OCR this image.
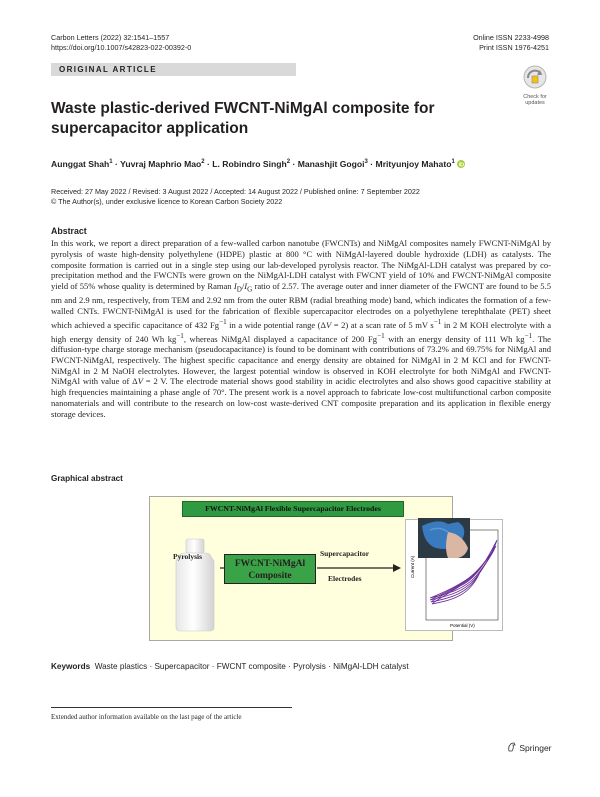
Carbon Letters (2022) 32:1541–1557
https://doi.org/10.1007/s42823-022-00392-0
Online ISSN 2233-4998
Print ISSN 1976-4251
ORIGINAL ARTICLE
Check for
updates
Waste plastic-derived FWCNT-NiMgAl composite for supercapacitor application
Aunggat Shah$^1$ · Yuvraj Maphrio Mao$^2$ · L. Robindro Singh$^2$ · Manashjit Gogoi$^3$ · Mrityunjoy Mahato$^1$
Received: 27 May 2022 / Revised: 3 August 2022 / Accepted: 14 August 2022 / Published online: 7 September 2022
© The Author(s), under exclusive licence to Korean Carbon Society 2022
Abstract
In this work, we report a direct preparation of a few-walled carbon nanotube (FWCNTs) and NiMgAl composites namely FWCNT-NiMgAl by pyrolysis of waste high-density polyethylene (HDPE) plastic at 800 °C with NiMgAl-layered double hydroxide (LDH) as catalysts. The composite formation is carried out in a single step using our lab-developed pyrolysis reactor. The NiMgAl-LDH catalyst was prepared by co-precipitation method and the FWCNTs were grown on the NiMgAl-LDH catalyst with FWCNT yield of 10% and FWCNT-NiMgAl composite yield of 55% whose quality is determined by Raman $I_D/I_G$ ratio of 2.57. The average outer and inner diameter of the FWCNT are found to be 5.5 nm and 2.9 nm, respectively, from TEM and 2.92 nm from the outer RBM (radial breathing mode) band, which indicates the formation of a few-walled CNTs. FWCNT-NiMgAl is used for the fabrication of flexible supercapacitor electrodes on a polyethylene terephthalate (PET) sheet which achieved a specific capacitance of 432 $Fg^{-1}$ in a wide potential range (ΔV = 2) at a scan rate of 5 mV $s^{-1}$ in 2 M KOH electrolyte with a high energy density of 240 Wh $kg^{-1}$, whereas NiMgAl displayed a capacitance of 200 $Fg^{-1}$ with an energy density of 111 Wh $kg^{-1}$. The diffusion-type charge storage mechanism (pseudocapacitance) is found to be dominant with contributions of 73.2% and 69.75% for NiMgAl and FWCNT-NiMgAl, respectively. The highest specific capacitance and energy density are obtained for NiMgAl in 2 M KCl and for FWCNT-NiMgAl in 2 M NaOH electrolytes. However, the largest potential window is observed in KOH electrolyte for both NiMgAl and FWCNT-NiMgAl with value of ΔV = 2 V. The electrode material shows good stability in acidic electrolytes and also shows good capacitive stability at high frequencies maintaining a phase angle of 70°. The present work is a novel approach to fabricate low-cost multifunctional carbon composite nanomaterials and will contribute to the research on low-cost waste-derived CNT composite preparation and its application in flexible energy storage devices.
Graphical abstract
FWCNT-NiMgAl Flexible Supercapacitor Electrodes
Pyrolysis
FWCNT-NiMgAl
Composite
Supercapacitor
Electrodes
Current (A)
Potential (V)
Keywords Waste plastics · Supercapacitor · FWCNT composite · Pyrolysis · NiMgAl-LDH catalyst
Extended author information available on the last page of the article
Springer
